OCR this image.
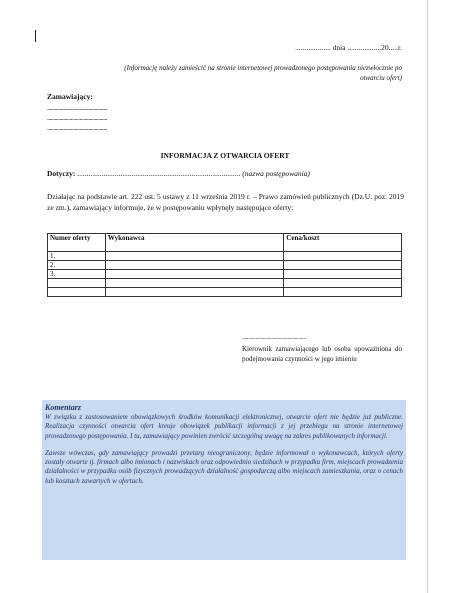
................... dnia ..................20.....r.
(Informację należy zamieścić na stronie internetowej prowadzonego postępowania niezwłocznie po otwarciu ofert)
Zamawiający:
................................................
................................................
................................................
INFORMACJA Z OTWARCIA OFERT
Dotyczy: ....................................................................................... (nazwa postępowania)
Działając na podstawie art. 222 ust. 5 ustawy z 11 września 2019 r. – Prawo zamówień publicznych (Dz.U. poz. 2019 ze zm.), zamawiający informuje, że w postępowaniu wpłynęły następujące oferty:
Numer oferty	Wykonawca	Cena/koszt
1.		
2.		
3.		

....................................................
Kierownik zamawiającego lub osoba upoważniona do podejmowania czynności w jego imieniu
Komentarz

W związku z zastosowaniem obowiązkowych środków komunikacji elektronicznej, otwarcie ofert nie będzie już publiczne. Realizacja czynności otwarcia ofert kreuje obowiązek publikacji informacji z jej przebiegu na stronie internetowej prowadzonego postępowania. I tu, zamawiający powinien zwrócić szczególną uwagę na zakres publikowanych informacji.

Zawsze wówczas, gdy zamawiający prowadzi przetarg nieograniczony, będzie informował o wykonawcach, których oferty zostały otwarte tj. firmach albo imionach i nazwiskach oraz odpowiednio siedzibach w przypadku firm, miejscach prowadzenia działalności w przypadku osób fizycznych prowadzących działalność gospodarczą albo miejscach zamieszkania, oraz o cenach lub kosztach zawartych w ofertach.
